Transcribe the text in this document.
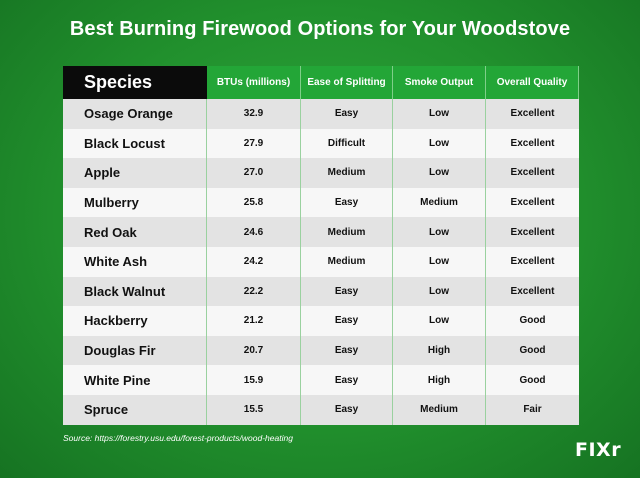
Best Burning Firewood Options for Your Woodstove
Species	BTUs (millions)	Ease of Splitting	Smoke Output	Overall Quality
Osage Orange	32.9	Easy	Low	Excellent
Black Locust	27.9	Difficult	Low	Excellent
Apple	27.0	Medium	Low	Excellent
Mulberry	25.8	Easy	Medium	Excellent
Red Oak	24.6	Medium	Low	Excellent
White Ash	24.2	Medium	Low	Excellent
Black Walnut	22.2	Easy	Low	Excellent
Hackberry	21.2	Easy	Low	Good
Douglas Fir	20.7	Easy	High	Good
White Pine	15.9	Easy	High	Good
Spruce	15.5	Easy	Medium	Fair
Source: https://forestry.usu.edu/forest-products/wood-heating
FIXr
